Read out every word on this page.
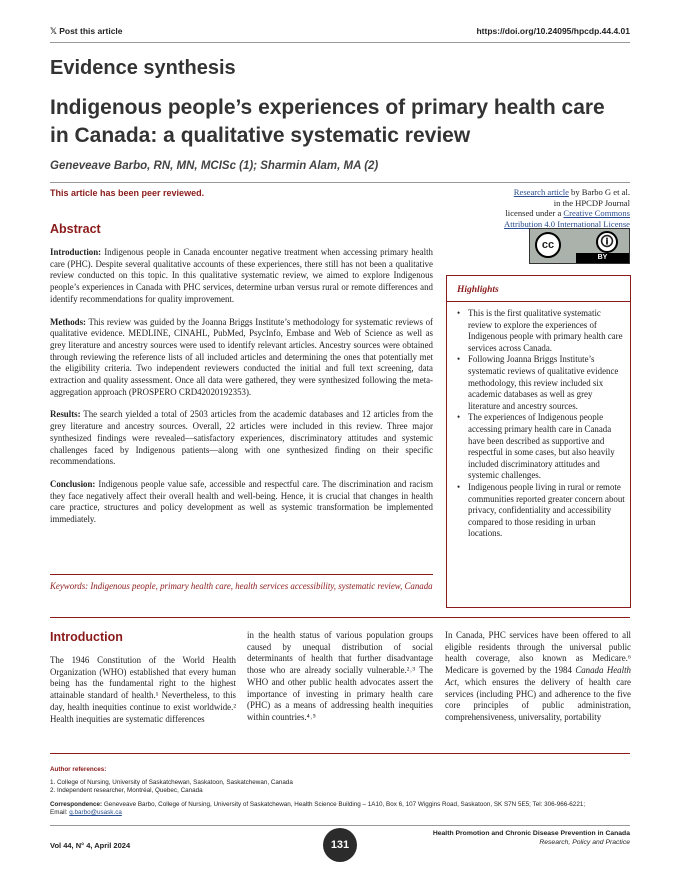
𝕏 Post this article	https://doi.org/10.24095/hpcdp.44.4.01
Evidence synthesis
Indigenous people’s experiences of primary health care in Canada: a qualitative systematic review
Geneveave Barbo, RN, MN, MCISc (1); Sharmin Alam, MA (2)
This article has been peer reviewed.	Research article by Barbo G et al.
in the HPCDP Journal
licensed under a Creative Commons
Attribution 4.0 International License
cc	🛈
BY
Abstract

Introduction: Indigenous people in Canada encounter negative treatment when accessing primary health care (PHC). Despite several qualitative accounts of these experiences, there still has not been a qualitative review conducted on this topic. In this qualitative systematic review, we aimed to explore Indigenous people’s experiences in Canada with PHC services, determine urban versus rural or remote differences and identify recommendations for quality improvement.

Methods: This review was guided by the Joanna Briggs Institute’s methodology for systematic reviews of qualitative evidence. MEDLINE, CINAHL, PubMed, PsycInfo, Embase and Web of Science as well as grey literature and ancestry sources were used to identify relevant articles. Ancestry sources were obtained through reviewing the reference lists of all included articles and determining the ones that potentially met the eligibility criteria. Two independent reviewers conducted the initial and full text screening, data extraction and quality assessment. Once all data were gathered, they were synthesized following the meta-aggregation approach (PROSPERO CRD42020192353).

Results: The search yielded a total of 2503 articles from the academic databases and 12 articles from the grey literature and ancestry sources. Overall, 22 articles were included in this review. Three major synthesized findings were revealed—satisfactory experiences, discriminatory attitudes and systemic challenges faced by Indigenous patients—along with one synthesized finding on their specific recommendations.

Conclusion: Indigenous people value safe, accessible and respectful care. The discrimination and racism they face negatively affect their overall health and well-being. Hence, it is crucial that changes in health care practice, structures and policy development as well as systemic transformation be implemented immediately.

Keywords: Indigenous people, primary health care, health services accessibility, systematic review, Canada
Highlights
• This is the first qualitative systematic review to explore the experiences of Indigenous people with primary health care services across Canada.
• Following Joanna Briggs Institute’s systematic reviews of qualitative evidence methodology, this review included six academic databases as well as grey literature and ancestry sources.
• The experiences of Indigenous people accessing primary health care in Canada have been described as supportive and respectful in some cases, but also heavily included discriminatory attitudes and systemic challenges.
• Indigenous people living in rural or remote communities reported greater concern about privacy, confidentiality and accessibility compared to those residing in urban locations.
Introduction
The 1946 Constitution of the World Health Organization (WHO) established that every human being has the fundamental right to the highest attainable standard of health.¹ Nevertheless, to this day, health inequities continue to exist worldwide.² Health inequities are systematic differences
in the health status of various population groups caused by unequal distribution of social determinants of health that further disadvantage those who are already socially vulnerable.²˒³ The WHO and other public health advocates assert the importance of investing in primary health care (PHC) as a means of addressing health inequities within countries.⁴˒⁵
In Canada, PHC services have been offered to all eligible residents through the universal public health coverage, also known as Medicare.⁶ Medicare is governed by the 1984 Canada Health Act, which ensures the delivery of health care services (including PHC) and adherence to the five core principles of public administration, comprehensiveness, universality, portability
Author references:
1. College of Nursing, University of Saskatchewan, Saskatoon, Saskatchewan, Canada
2. Independent researcher, Montréal, Quebec, Canada
Correspondence: Geneveave Barbo, College of Nursing, University of Saskatchewan, Health Science Building – 1A10, Box 6, 107 Wiggins Road, Saskatoon, SK S7N 5E5; Tel: 306-966-6221;
Email: g.barbo@usask.ca
Vol 44, N° 4, April 2024	131
Health Promotion and Chronic Disease Prevention in Canada
Research, Policy and Practice
